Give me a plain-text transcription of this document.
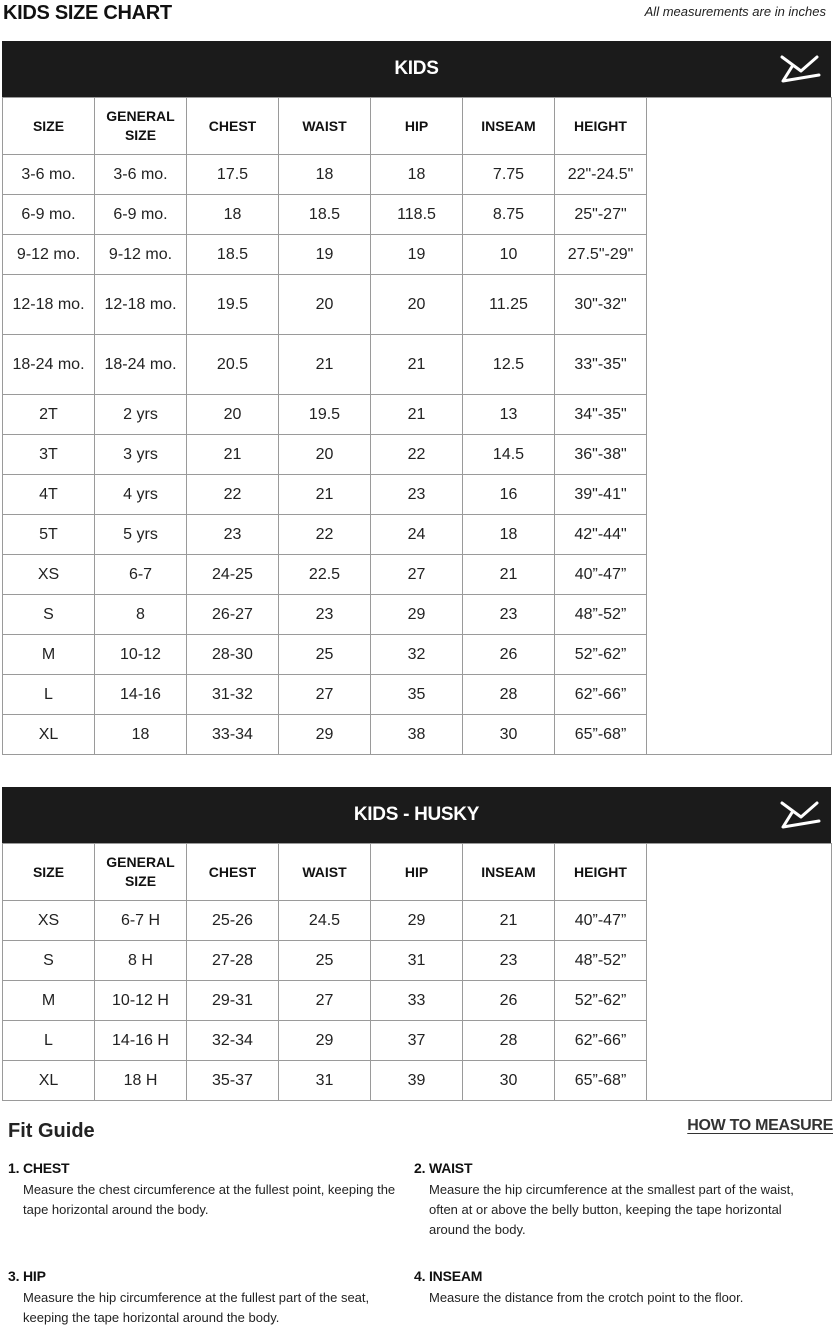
KIDS SIZE CHART	All measurements are in inches
KIDS
SIZE	GENERAL SIZE	CHEST	WAIST	HIP	INSEAM	HEIGHT	
3-6 mo.	3-6 mo.	17.5	18	18	7.75	22"-24.5"	
6-9 mo.	6-9 mo.	18	18.5	118.5	8.75	25"-27"	
9-12 mo.	9-12 mo.	18.5	19	19	10	27.5"-29"	
12-18 mo.	12-18 mo.	19.5	20	20	11.25	30"-32"	
18-24 mo.	18-24 mo.	20.5	21	21	12.5	33"-35"	
2T	2 yrs	20	19.5	21	13	34"-35"	
3T	3 yrs	21	20	22	14.5	36"-38"	
4T	4 yrs	22	21	23	16	39"-41"	
5T	5 yrs	23	22	24	18	42"-44"	
XS	6-7	24-25	22.5	27	21	40”-47”	
S	8	26-27	23	29	23	48”-52”	
M	10-12	28-30	25	32	26	52”-62”	
L	14-16	31-32	27	35	28	62”-66”	
XL	18	33-34	29	38	30	65”-68”	
KIDS - HUSKY
SIZE	GENERAL SIZE	CHEST	WAIST	HIP	INSEAM	HEIGHT	
XS	6-7 H	25-26	24.5	29	21	40”-47”	
S	8 H	27-28	25	31	23	48”-52”	
M	10-12 H	29-31	27	33	26	52”-62”	
L	14-16 H	32-34	29	37	28	62”-66”	
XL	18 H	35-37	31	39	30	65”-68”	
Fit Guide	HOW TO MEASURE
1. CHEST
Measure the chest circumference at the fullest point, keeping the tape horizontal around the body.
2. WAIST
Measure the hip circumference at the smallest part of the waist, often at or above the belly button, keeping the tape horizontal around the body.
3. HIP
Measure the hip circumference at the fullest part of the seat, keeping the tape horizontal around the body.
4. INSEAM
Measure the distance from the crotch point to the floor.
